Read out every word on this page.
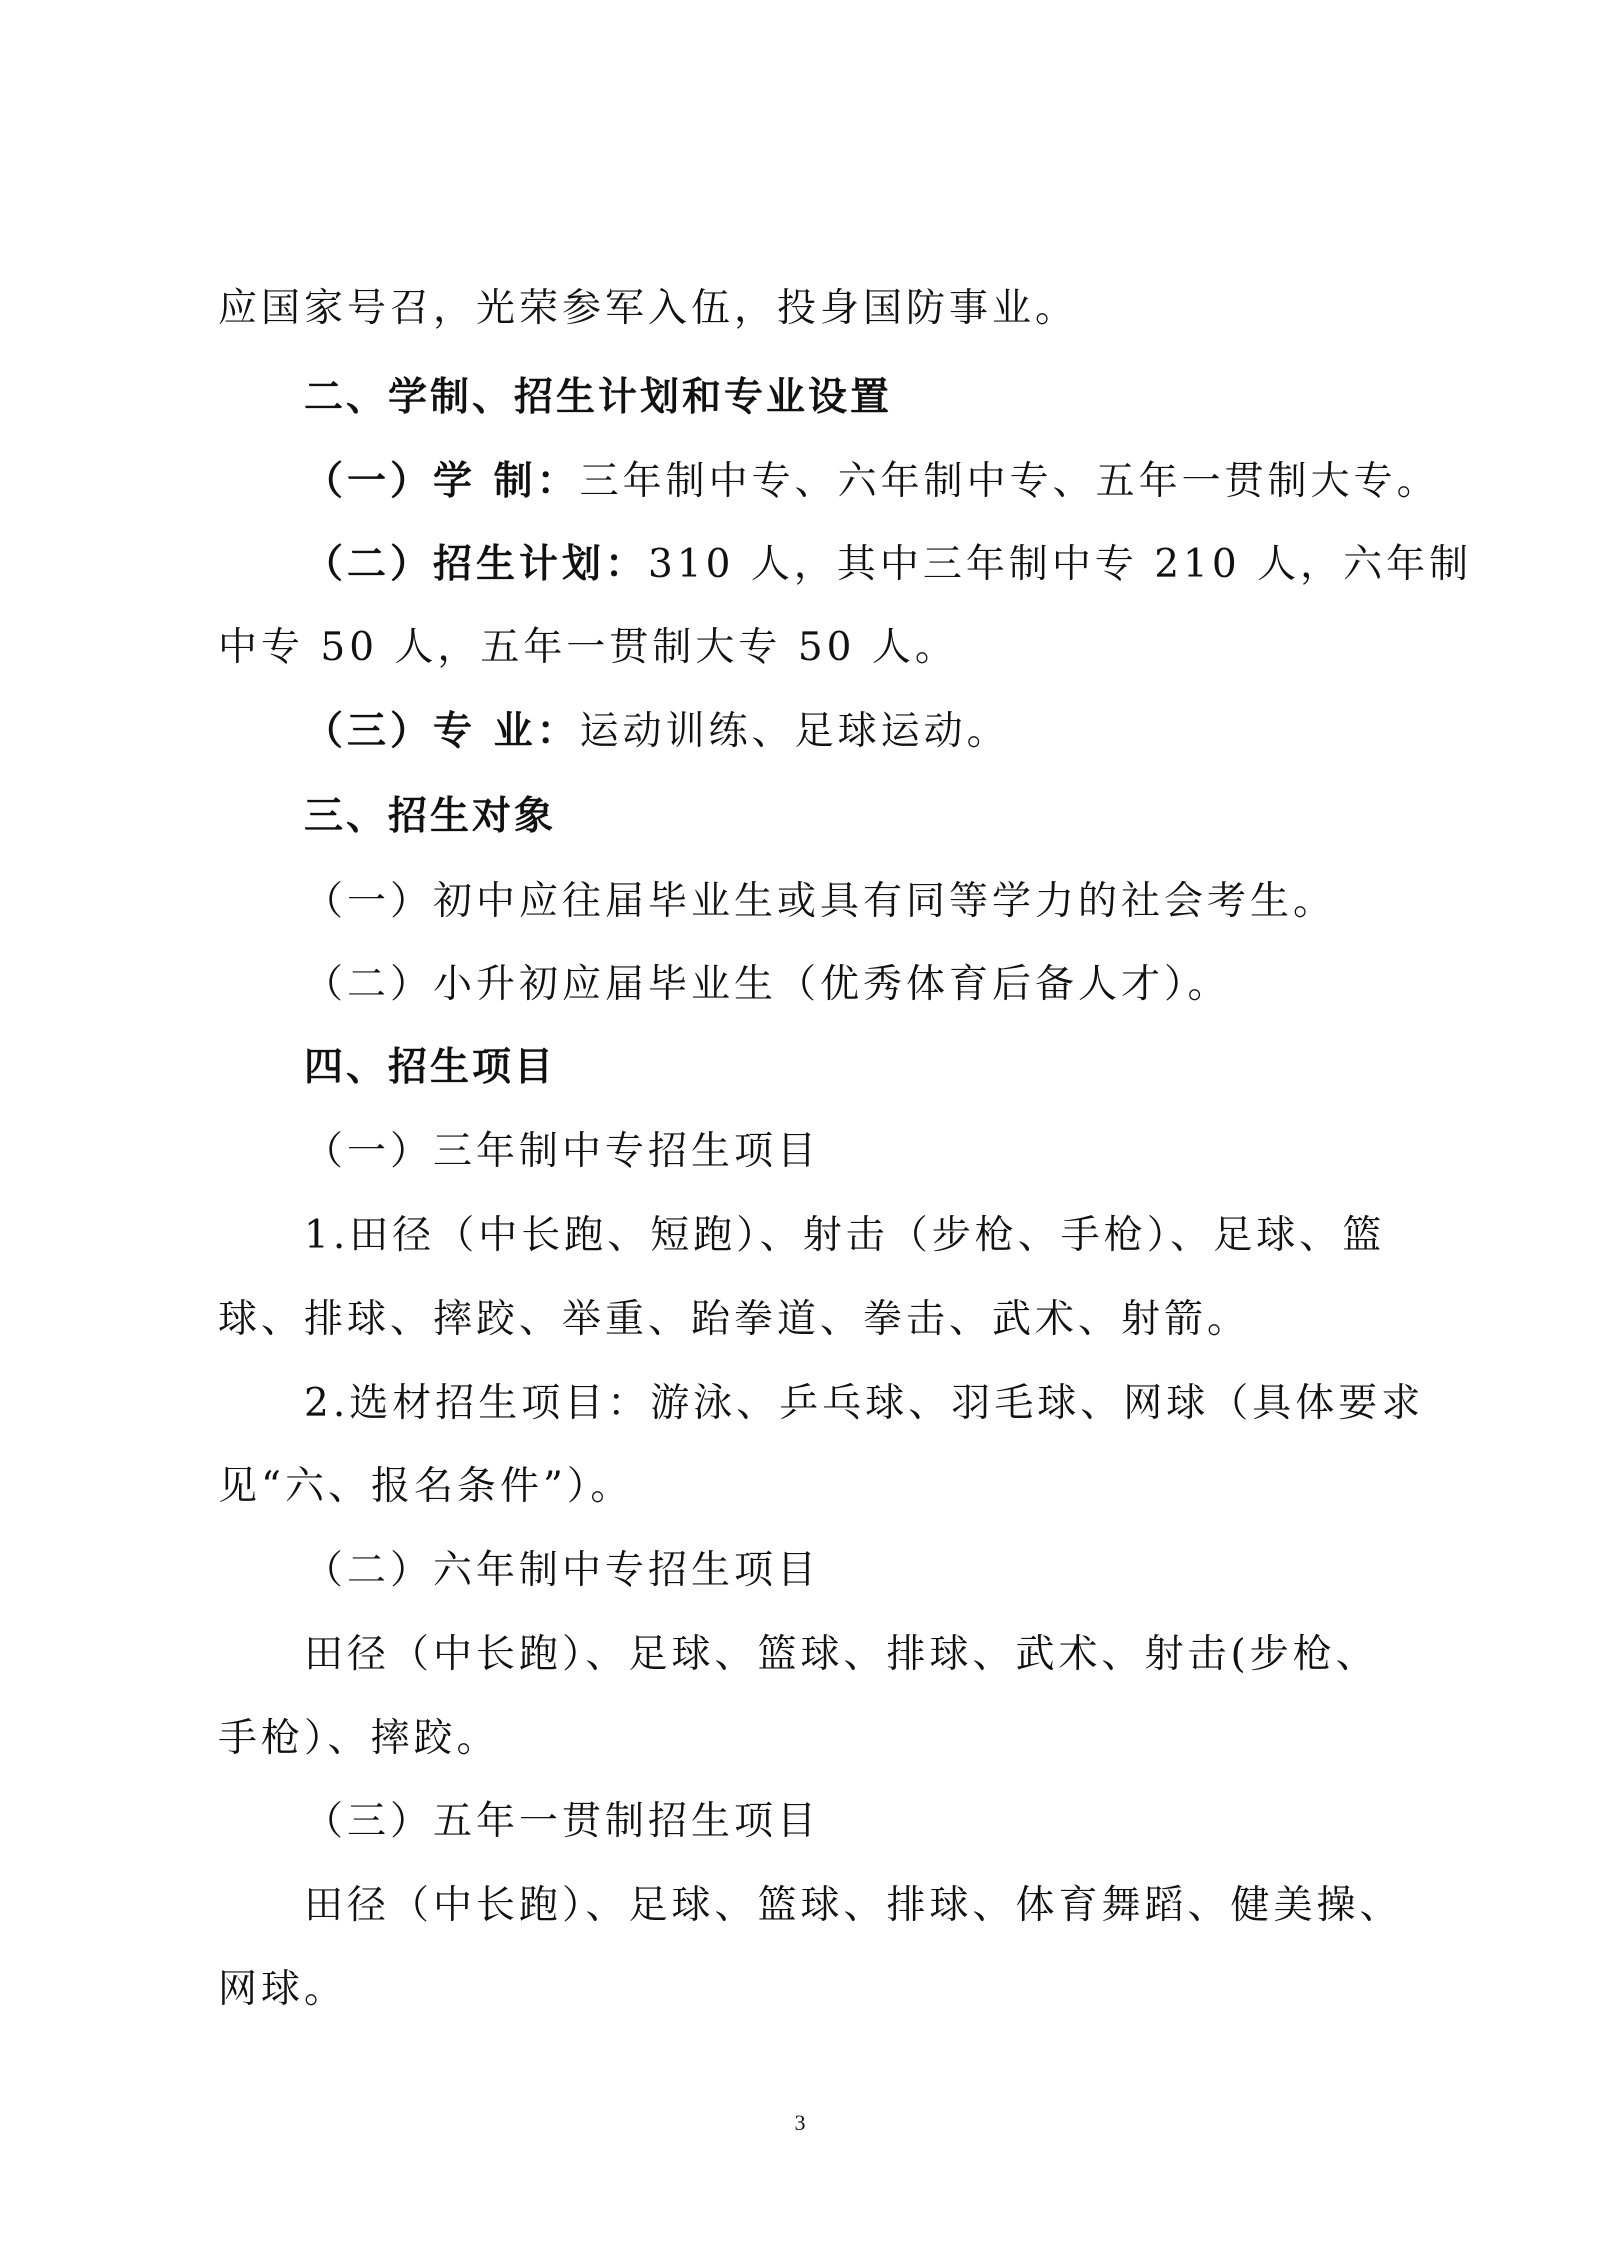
应国家号召，光荣参军入伍，投身国防事业。
二、学制、招生计划和专业设置
（一）学 制：三年制中专、六年制中专、五年一贯制大专。
（二）招生计划：310 人，其中三年制中专 210 人，六年制
中专 50 人，五年一贯制大专 50 人。
（三）专 业：运动训练、足球运动。
三、招生对象
（一）初中应往届毕业生或具有同等学力的社会考生。
（二）小升初应届毕业生（优秀体育后备人才）。
四、招生项目
（一）三年制中专招生项目
1.田径（中长跑、短跑）、射击（步枪、手枪）、足球、篮
球、排球、摔跤、举重、跆拳道、拳击、武术、射箭。
2.选材招生项目：游泳、乒乓球、羽毛球、网球（具体要求
见“六、报名条件”）。
（二）六年制中专招生项目
田径（中长跑）、足球、篮球、排球、武术、射击(步枪、
手枪）、摔跤。
（三）五年一贯制招生项目
田径（中长跑）、足球、篮球、排球、体育舞蹈、健美操、
网球。
3
